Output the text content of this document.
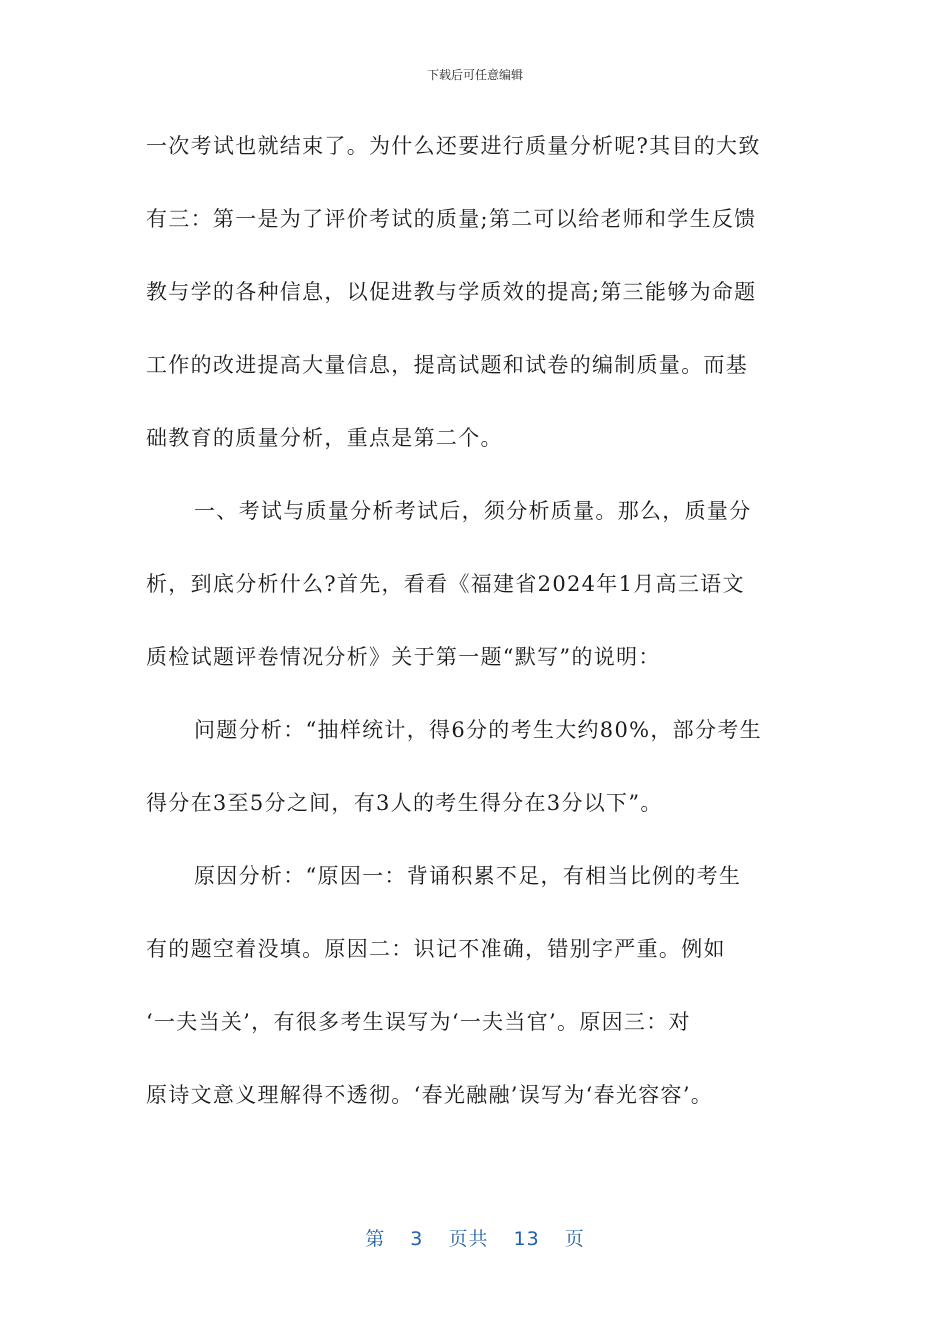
下载后可任意编辑

一次考试也就结束了。为什么还要进行质量分析呢?其目的大致

有三：第一是为了评价考试的质量;第二可以给老师和学生反馈

教与学的各种信息，以促进教与学质效的提高;第三能够为命题

工作的改进提高大量信息，提高试题和试卷的编制质量。而基

础教育的质量分析，重点是第二个。

一、考试与质量分析考试后，须分析质量。那么，质量分

析，到底分析什么?首先，看看《福建省2024年1月高三语文

质检试题评卷情况分析》关于第一题“默写”的说明：

问题分析：“抽样统计，得6分的考生大约80%，部分考生

得分在3至5分之间，有3人的考生得分在3分以下”。

原因分析：“原因一：背诵积累不足，有相当比例的考生

有的题空着没填。原因二：识记不准确，错别字严重。例如

‘一夫当关’，有很多考生误写为‘一夫当官’。原因三：对

原诗文意义理解得不透彻。‘春光融融’误写为‘春光容容’。

第 3 页共 13 页
